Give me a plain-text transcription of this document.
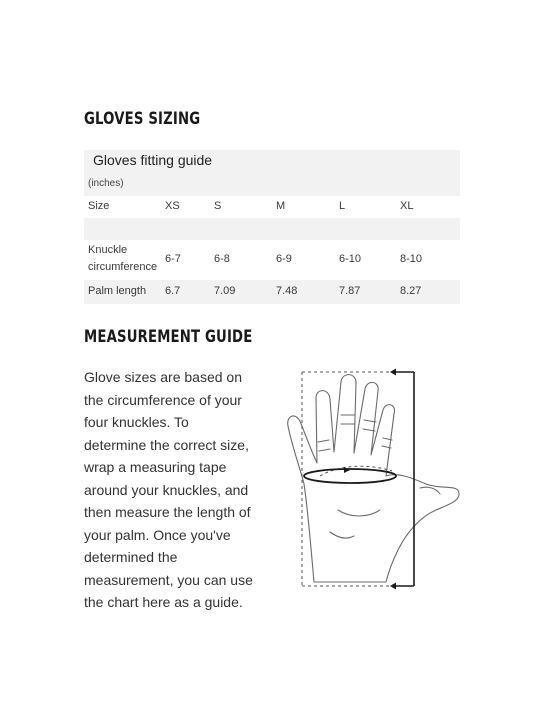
GLOVES SIZING
Gloves fitting guide
(inches)
Size	XS	S	M	L	XL
Knuckle
circumference
6-7	6-8	6-9	6-10	8-10
Palm length 6.7	7.09	7.48	7.87	8.27
MEASUREMENT GUIDE
Glove sizes are based on
the circumference of your
four knuckles. To
determine the correct size,
wrap a measuring tape
around your knuckles, and
then measure the length of
your palm. Once you've
determined the
measurement, you can use
the chart here as a guide.
